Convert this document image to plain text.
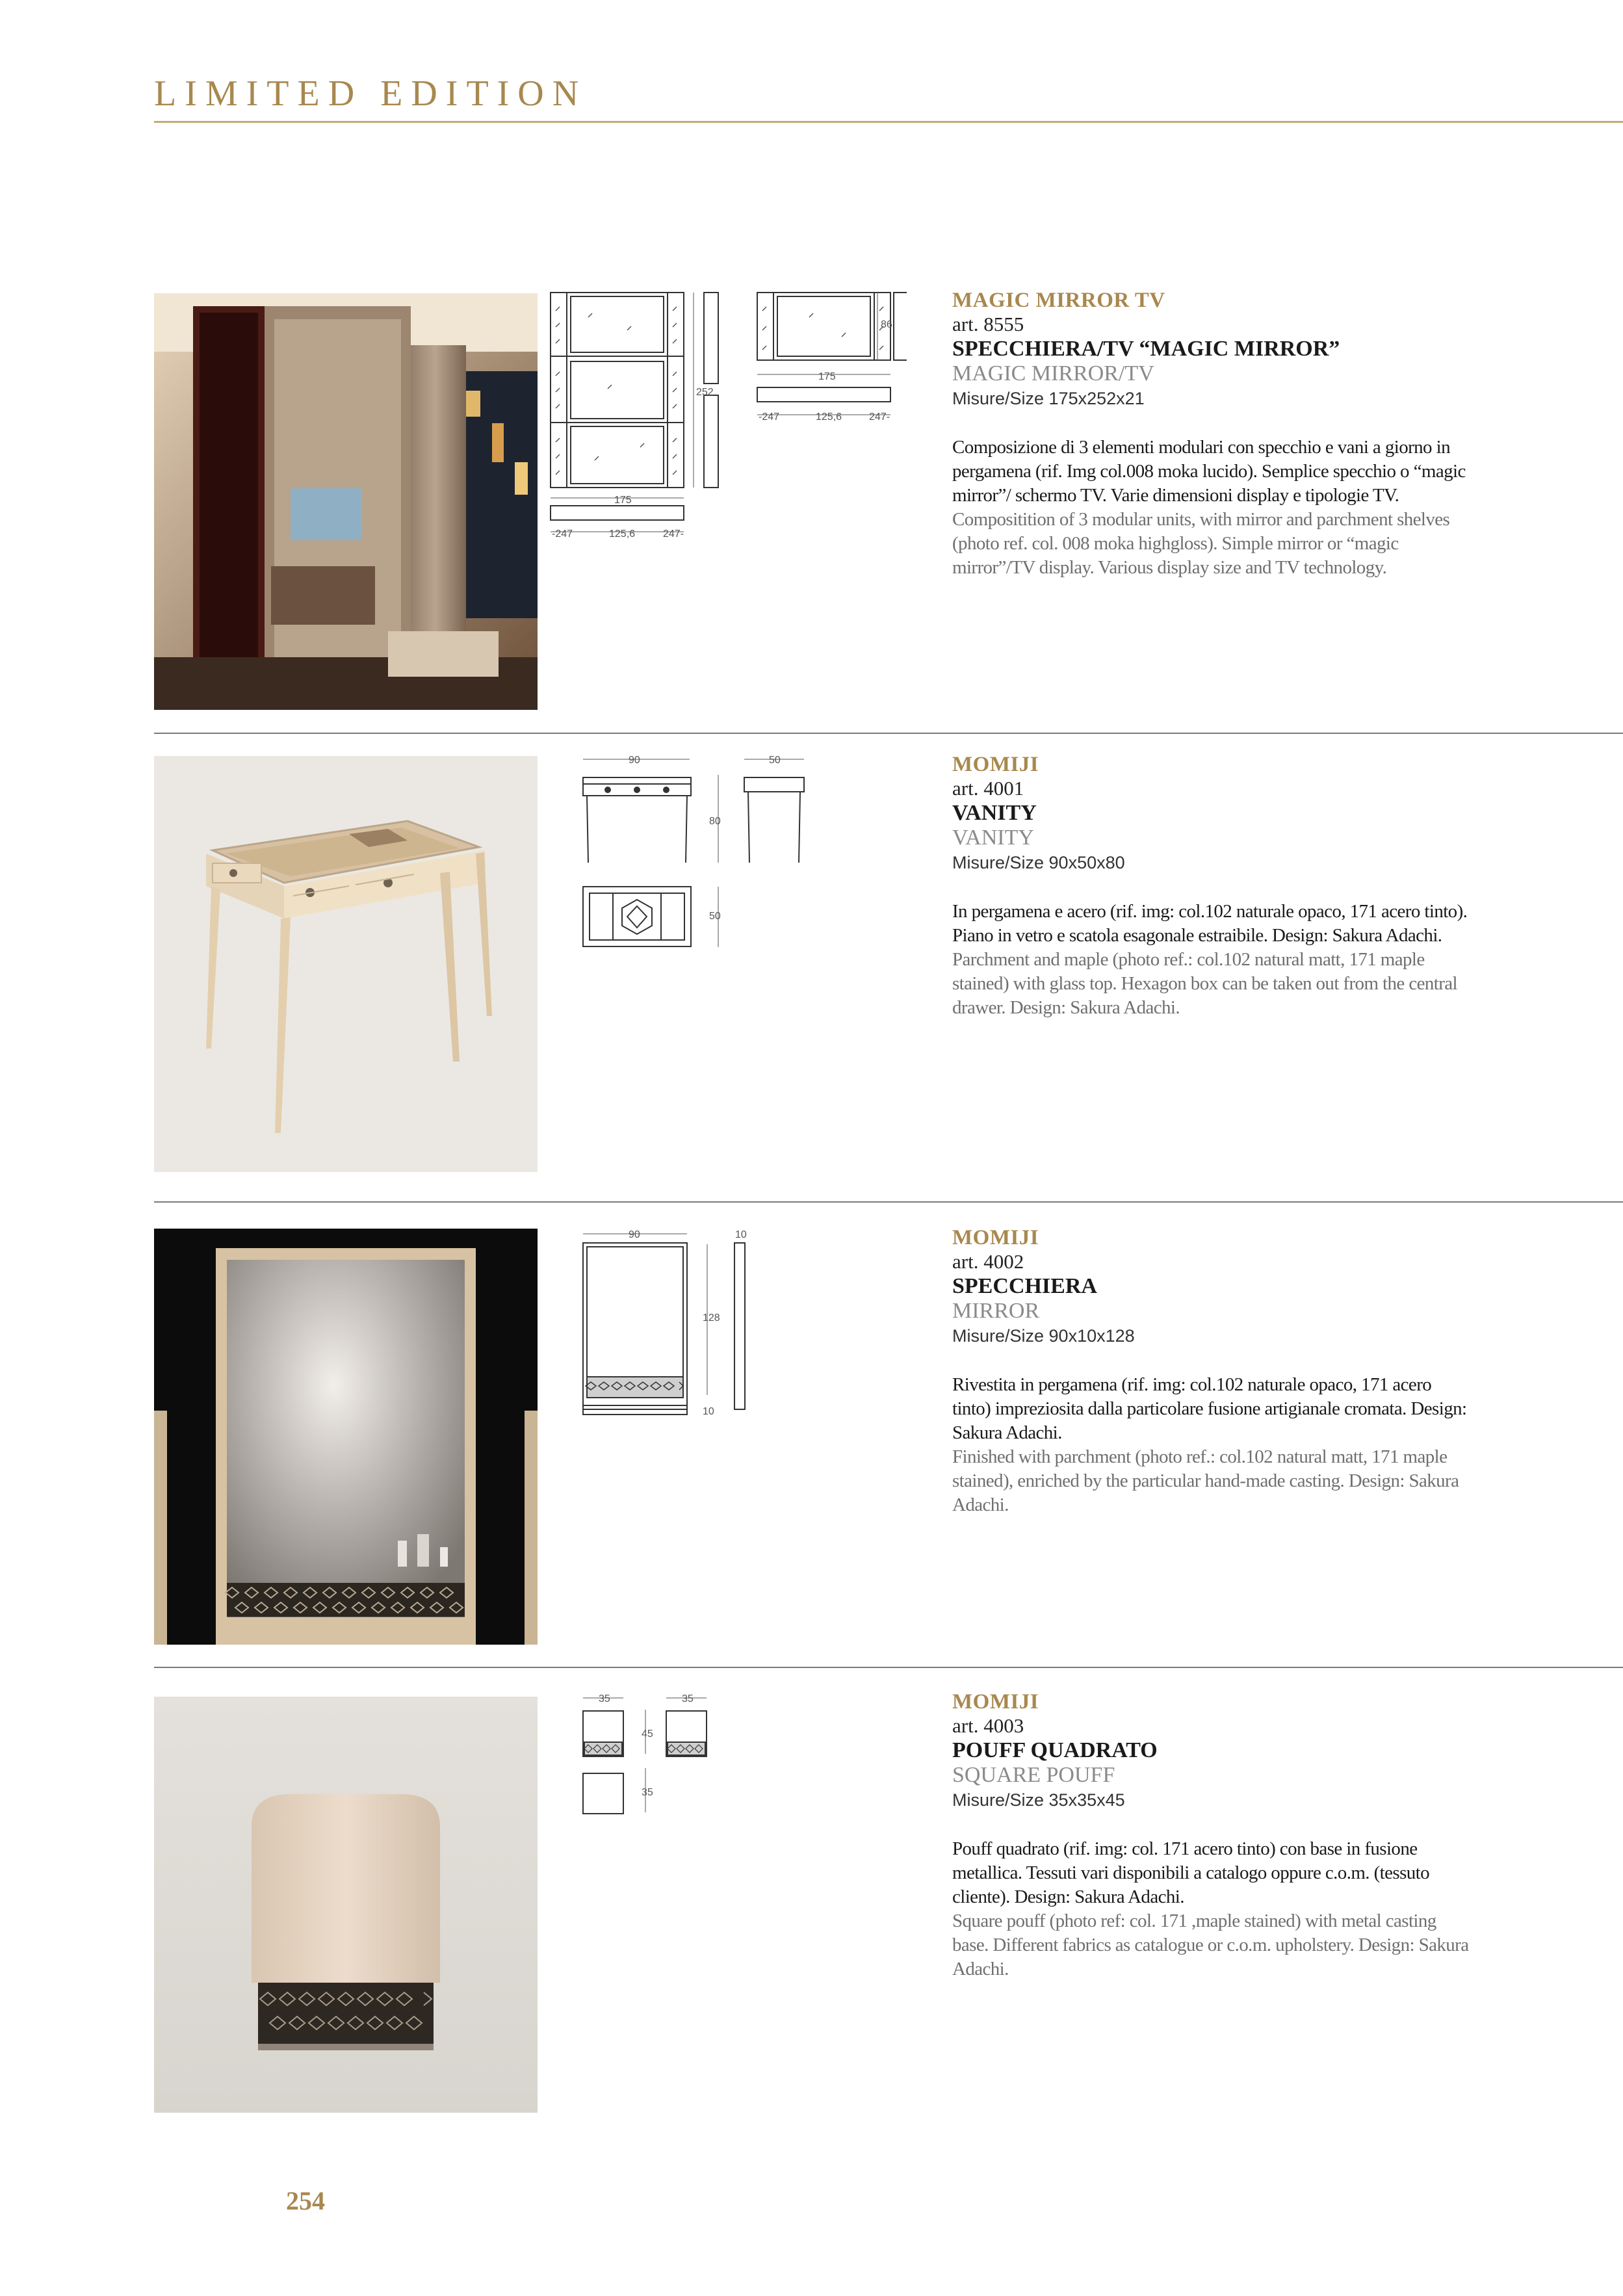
LIMITED EDITION
252
175
-247	125,6	247-
86
175
-247	125,6	247-
MAGIC MIRROR TV
art. 8555
SPECCHIERA/TV “MAGIC MIRROR”
MAGIC MIRROR/TV
Misure/Size 175x252x21
Composizione di 3 elementi modulari con specchio e vani a giorno in pergamena (rif. Img col.008 moka lucido). Semplice specchio o “magic mirror”/ schermo TV. Varie dimensioni display e tipologie TV.
Compositition of 3 modular units, with mirror and parchment shelves (photo ref. col. 008 moka highgloss). Simple mirror or “magic mirror”/TV display. Various display size and TV technology.
90	50
80
50
MOMIJI
art. 4001
VANITY
VANITY
Misure/Size 90x50x80
In pergamena e acero (rif. img: col.102 naturale opaco, 171 acero tinto). Piano in vetro e scatola esagonale estraibile. Design: Sakura Adachi.
Parchment and maple (photo ref.: col.102 natural matt, 171 maple stained) with glass top. Hexagon box can be taken out from the central drawer. Design: Sakura Adachi.
90	10
128
10
MOMIJI
art. 4002
SPECCHIERA
MIRROR
Misure/Size 90x10x128
Rivestita in pergamena (rif. img: col.102 naturale opaco, 171 acero tinto) impreziosita dalla particolare fusione artigianale cromata. Design: Sakura Adachi.
Finished with parchment (photo ref.: col.102 natural matt, 171 maple stained), enriched by the particular hand-made casting. Design: Sakura Adachi.
35	35
45
35
MOMIJI
art. 4003
POUFF QUADRATO
SQUARE POUFF
Misure/Size 35x35x45
Pouff quadrato (rif. img: col. 171 acero tinto) con base in fusione metallica. Tessuti vari disponibili a catalogo oppure c.o.m. (tessuto cliente). Design: Sakura Adachi.
Square pouff (photo ref: col. 171 ,maple stained) with metal casting base. Different fabrics as catalogue or c.o.m. upholstery. Design: Sakura Adachi.
254
